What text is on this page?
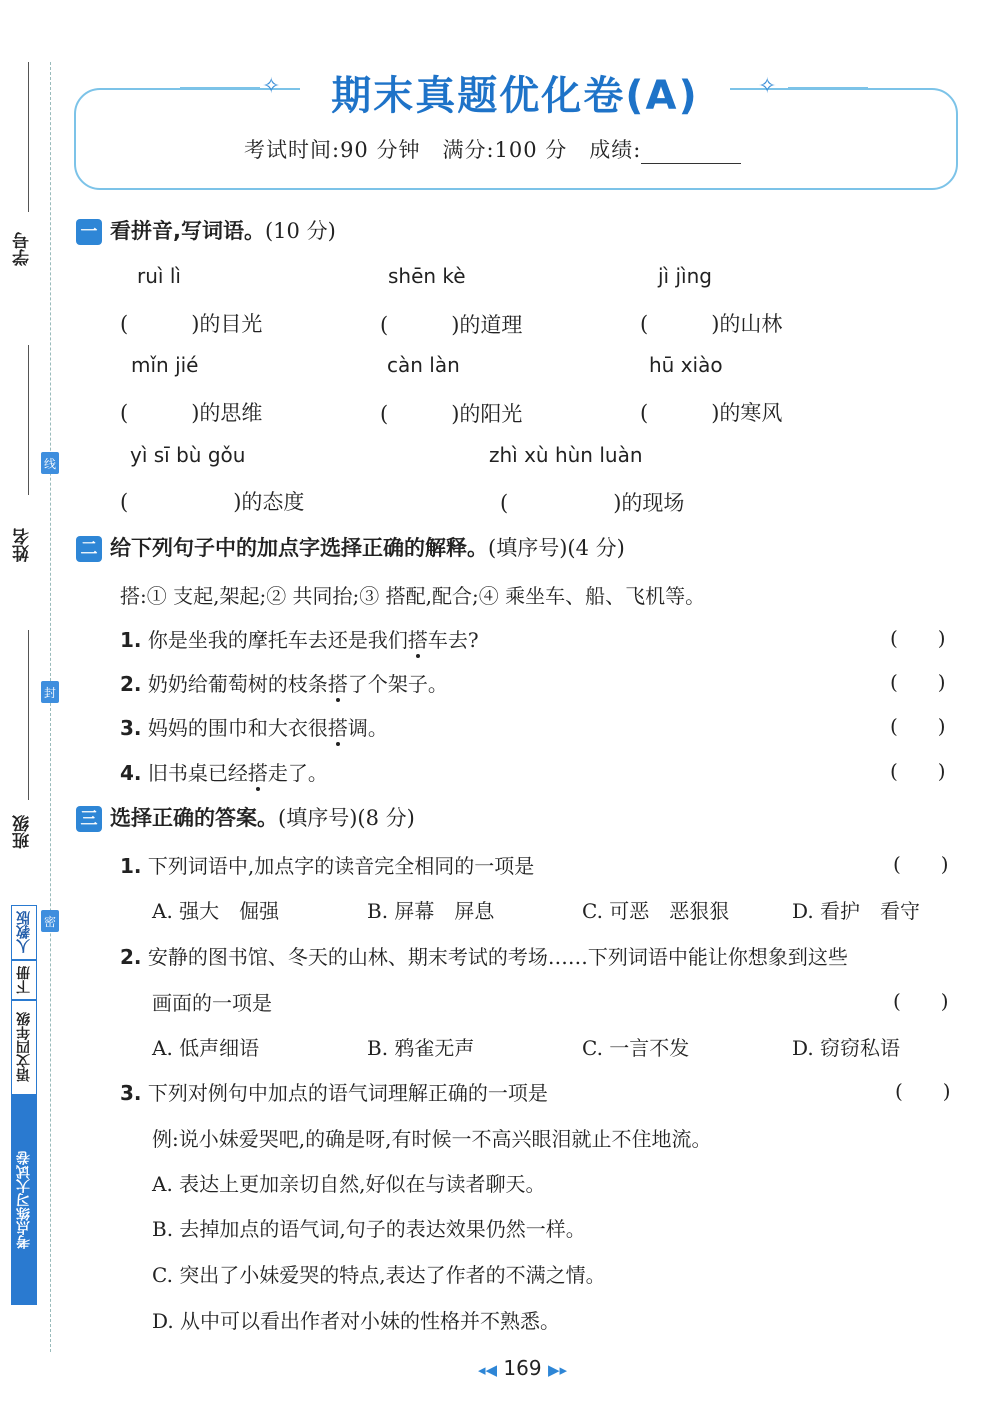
学号
姓名
班级
线
封
密
人教版
下册
语文四年级
考点练习大试卷
✧	✧
期末真题优化卷(A)
考试时间:90 分钟　满分:100 分　成绩:
一 看拼音,写词语。(10 分)
ruì lì	shēn kè	jì jìng
(　　　)的目光	(　　　)的道理	(　　　)的山林
mǐn jié	càn làn	hū xiào
(　　　)的思维	(　　　)的阳光	(　　　)的寒风
yì sī bù gǒu	zhì xù hùn luàn
(　　　　　)的态度	(　　　　　)的现场
二 给下列句子中的加点字选择正确的解释。(填序号)(4 分)
搭:① 支起,架起;② 共同抬;③ 搭配,配合;④ 乘坐车、船、飞机等。
1. 你是坐我的摩托车去还是我们搭车去?	(　　)
2. 奶奶给葡萄树的枝条搭了个架子。	(　　)
3. 妈妈的围巾和大衣很搭调。	(　　)
4. 旧书桌已经搭走了。	(　　)
三 选择正确的答案。(填序号)(8 分)
1. 下列词语中,加点字的读音完全相同的一项是	(　　)
A. 强大　倔强	B. 屏幕　屏息	C. 可恶　恶狠狠	D. 看护　看守
2. 安静的图书馆、冬天的山林、期末考试的考场……下列词语中能让你想象到这些
画面的一项是	(　　)
A. 低声细语	B. 鸦雀无声	C. 一言不发	D. 窃窃私语
3. 下列对例句中加点的语气词理解正确的一项是	(　　)
例:说小妹爱哭吧,的确是呀,有时候一不高兴眼泪就止不住地流。
A. 表达上更加亲切自然,好似在与读者聊天。
B. 去掉加点的语气词,句子的表达效果仍然一样。
C. 突出了小妹爱哭的特点,表达了作者的不满之情。
D. 从中可以看出作者对小妹的性格并不熟悉。
◂◀ 169 ▶▸
